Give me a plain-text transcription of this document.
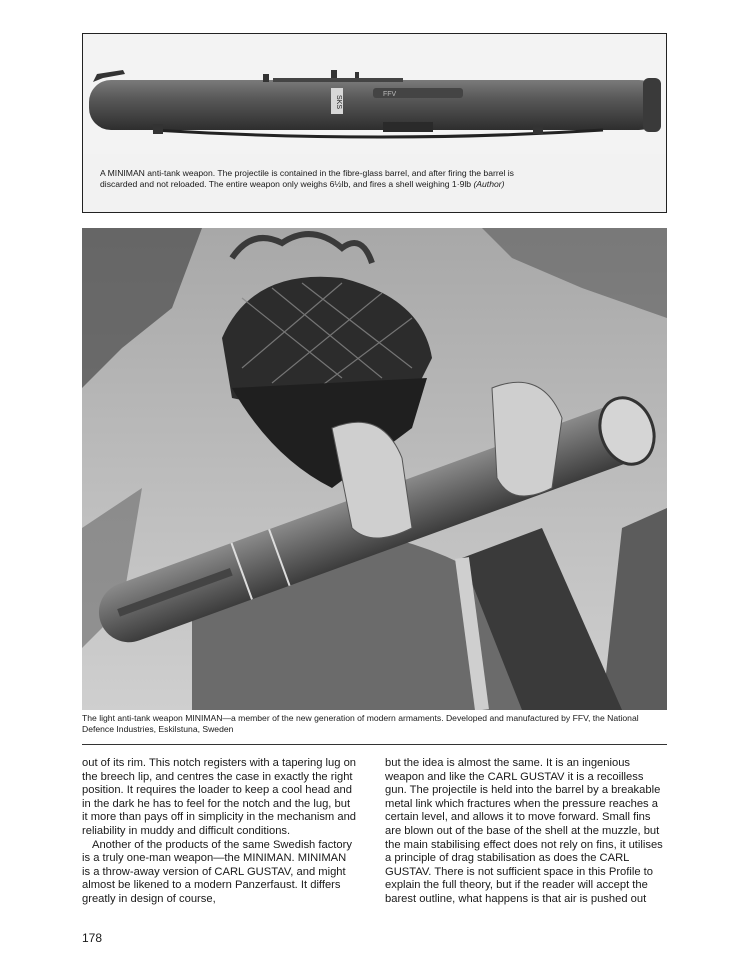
SKS
FFV

A MINIMAN anti-tank weapon. The projectile is contained in the fibre-glass barrel, and after firing the barrel is discarded and not reloaded. The entire weapon only weighs 6½lb, and fires a shell weighing 1·9lb (Author)

The light anti-tank weapon MINIMAN—a member of the new generation of modern armaments. Developed and manufactured by FFV, the National Defence Industries, Eskilstuna, Sweden

out of its rim. This notch registers with a tapering lug on the breech lip, and centres the case in exactly the right position. It requires the loader to keep a cool head and in the dark he has to feel for the notch and the lug, but it more than pays off in simplicity in the mechanism and reliability in muddy and difficult conditions.

Another of the products of the same Swedish factory is a truly one-man weapon—the MINIMAN. MINIMAN is a throw-away version of CARL GUSTAV, and might almost be likened to a modern Panzerfaust. It differs greatly in design of course,

but the idea is almost the same. It is an ingenious weapon and like the CARL GUSTAV it is a recoilless gun. The projectile is held into the barrel by a breakable metal link which fractures when the pressure reaches a certain level, and allows it to move forward. Small fins are blown out of the base of the shell at the muzzle, but the main stabilising effect does not rely on fins, it utilises a principle of drag stabilisation as does the CARL GUSTAV. There is not sufficient space in this Profile to explain the full theory, but if the reader will accept the barest outline, what happens is that air is pushed out

178
